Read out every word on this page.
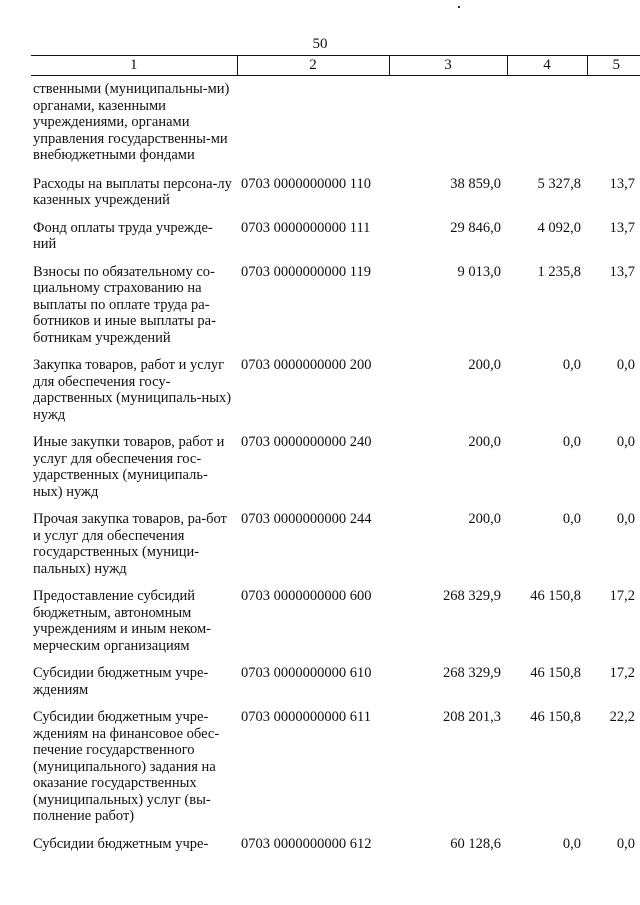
50
1	2	3	4	5
ственными (муниципальны-ми) органами, казенными учреждениями, органами управления государственны-ми внебюджетными фондами				
Расходы на выплаты персона-лу казенных учреждений	0703 0000000000 110	38 859,0	5 327,8	13,7
Фонд оплаты труда учрежде-ний	0703 0000000000 111	29 846,0	4 092,0	13,7
Взносы по обязательному со-циальному страхованию на выплаты по оплате труда ра-ботников и иные выплаты ра-ботникам учреждений	0703 0000000000 119	9 013,0	1 235,8	13,7
Закупка товаров, работ и услуг для обеспечения госу-дарственных (муниципаль-ных) нужд	0703 0000000000 200	200,0	0,0	0,0
Иные закупки товаров, работ и услуг для обеспечения гос-ударственных (муниципаль-ных) нужд	0703 0000000000 240	200,0	0,0	0,0
Прочая закупка товаров, ра-бот и услуг для обеспечения государственных (муници-пальных) нужд	0703 0000000000 244	200,0	0,0	0,0
Предоставление субсидий бюджетным, автономным учреждениям и иным неком-мерческим организациям	0703 0000000000 600	268 329,9	46 150,8	17,2
Субсидии бюджетным учре-ждениям	0703 0000000000 610	268 329,9	46 150,8	17,2
Субсидии бюджетным учре-ждениям на финансовое обес-печение государственного (муниципального) задания на оказание государственных (муниципальных) услуг (вы-полнение работ)	0703 0000000000 611	208 201,3	46 150,8	22,2
Субсидии бюджетным учре-	0703 0000000000 612	60 128,6	0,0	0,0
